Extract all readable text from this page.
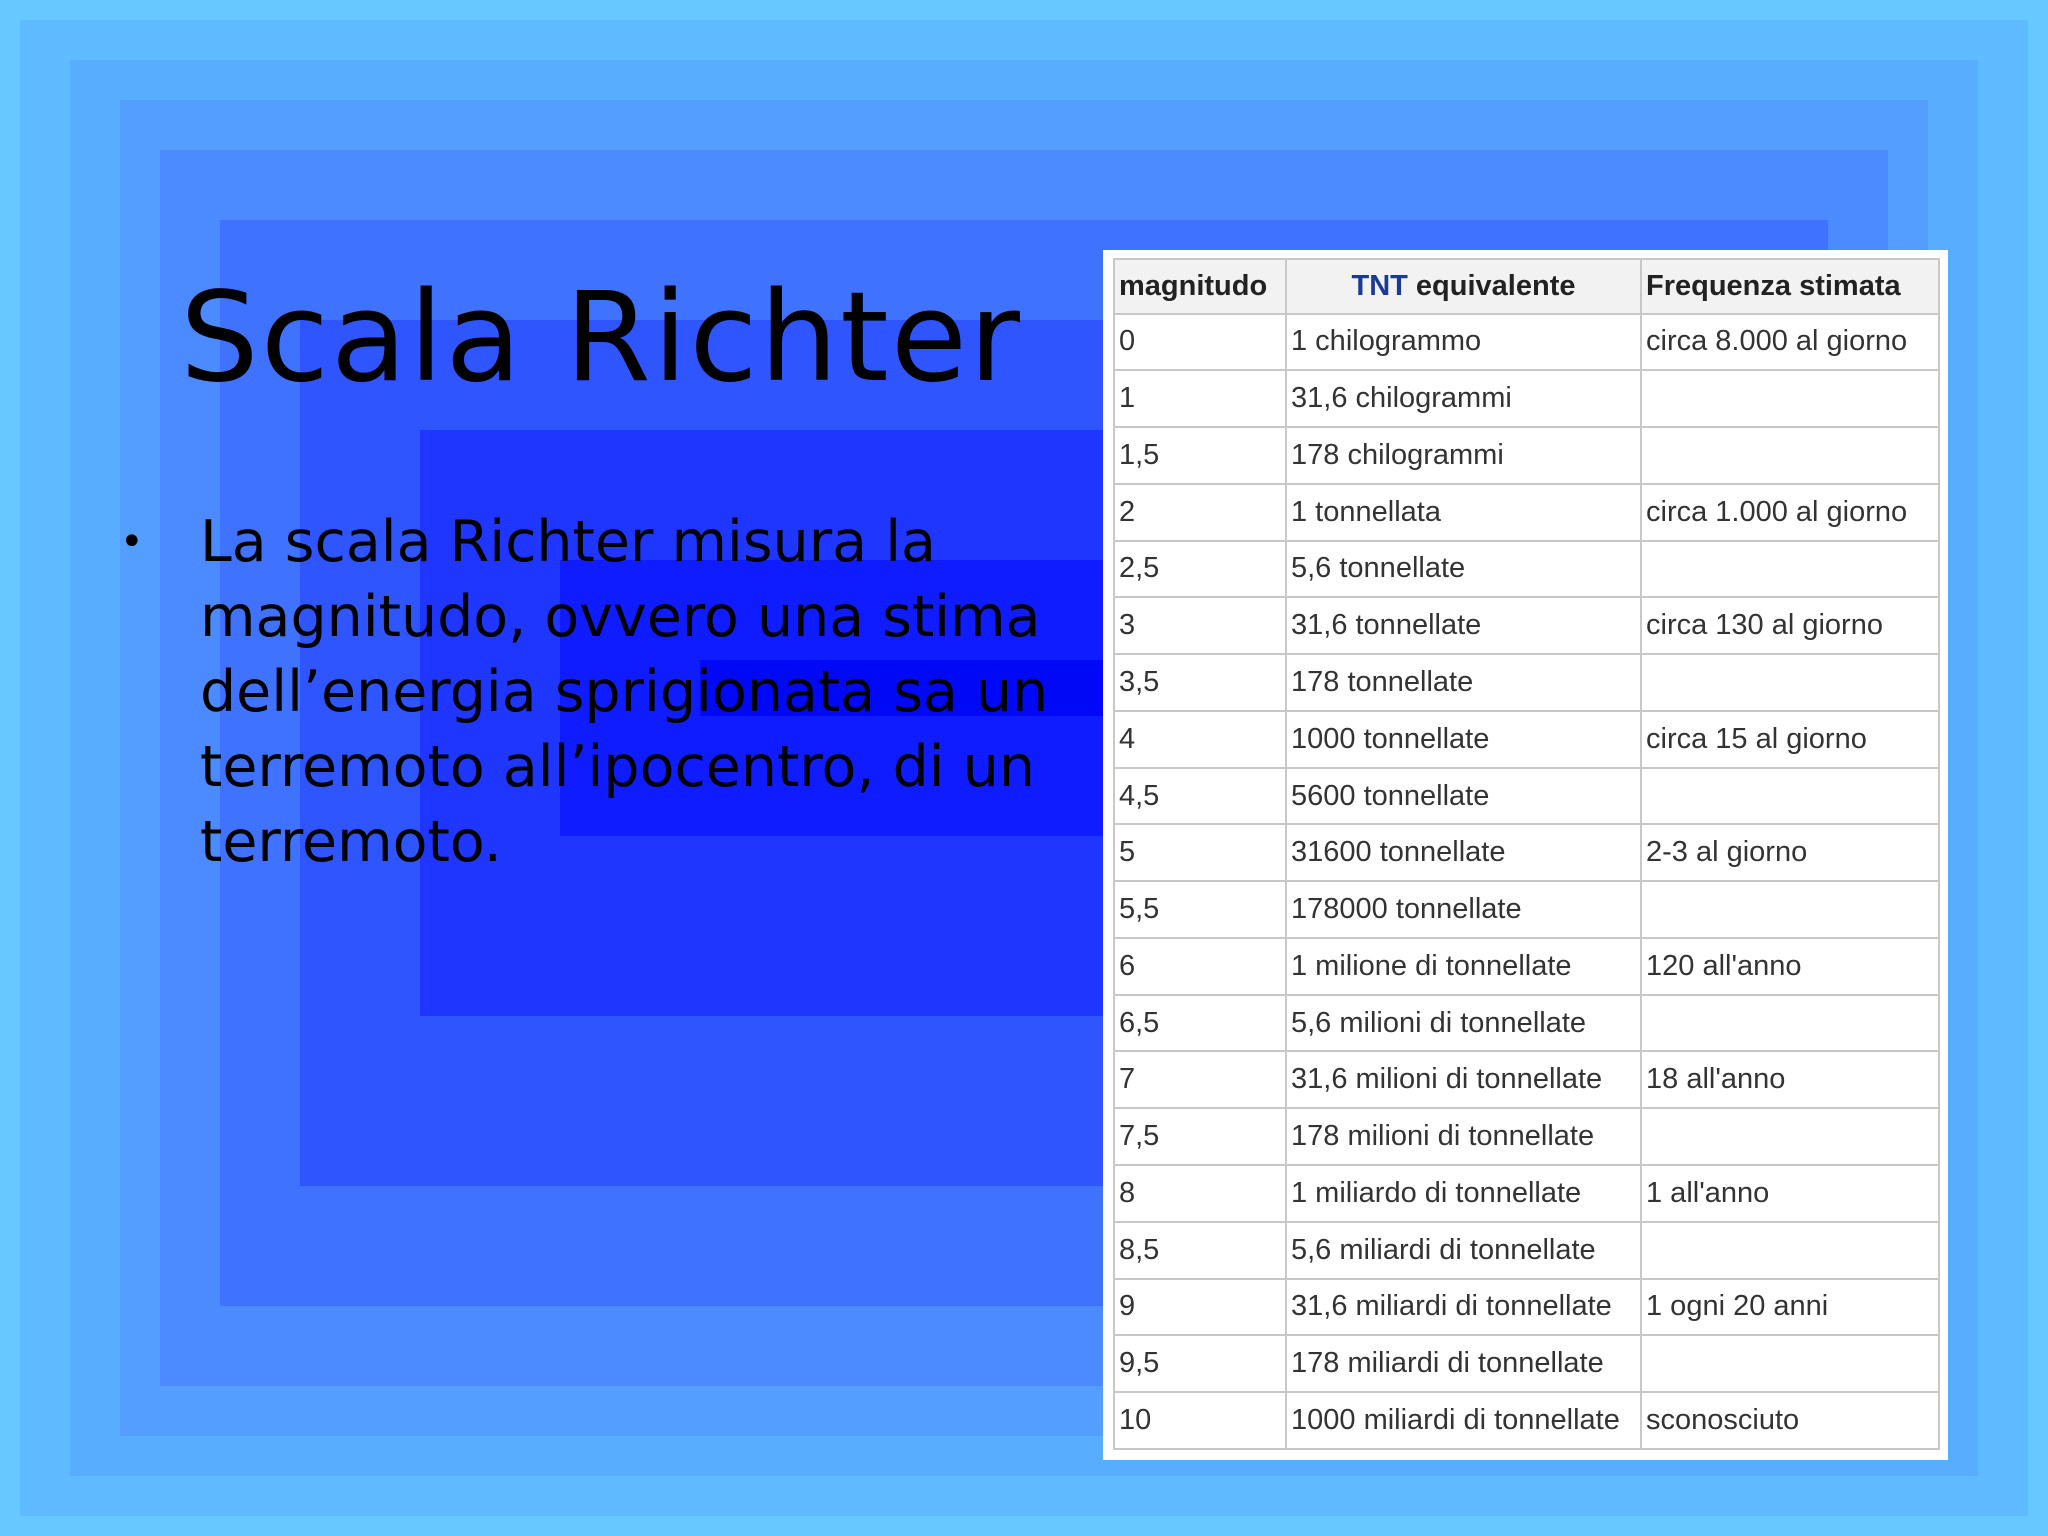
Scala Richter
• La scala Richter misura la magnitudo, ovvero una stima dell’energia sprigionata sa un terremoto all’ipocentro, di un terremoto.
magnitudo	TNT equivalente	Frequenza stimata
0	1 chilogrammo	circa 8.000 al giorno
1	31,6 chilogrammi	
1,5	178 chilogrammi	
2	1 tonnellata	circa 1.000 al giorno
2,5	5,6 tonnellate	
3	31,6 tonnellate	circa 130 al giorno
3,5	178 tonnellate	
4	1000 tonnellate	circa 15 al giorno
4,5	5600 tonnellate	
5	31600 tonnellate	2-3 al giorno
5,5	178000 tonnellate	
6	1 milione di tonnellate	120 all'anno
6,5	5,6 milioni di tonnellate	
7	31,6 milioni di tonnellate	18 all'anno
7,5	178 milioni di tonnellate	
8	1 miliardo di tonnellate	1 all'anno
8,5	5,6 miliardi di tonnellate	
9	31,6 miliardi di tonnellate	1 ogni 20 anni
9,5	178 miliardi di tonnellate	
10	1000 miliardi di tonnellate	sconosciuto
